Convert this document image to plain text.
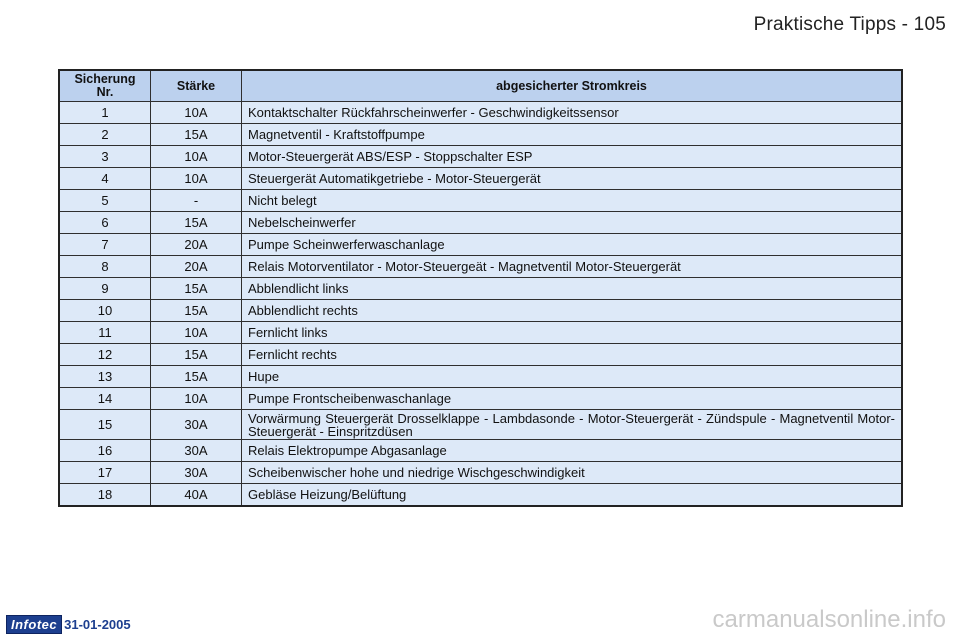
Praktische Tipps - 105
Sicherung Nr.	Stärke	abgesicherter Stromkreis
1	10A	Kontaktschalter Rückfahrscheinwerfer - Geschwindigkeitssensor
2	15A	Magnetventil - Kraftstoffpumpe
3	10A	Motor-Steuergerät ABS/ESP - Stoppschalter ESP
4	10A	Steuergerät Automatikgetriebe - Motor-Steuergerät
5	-	Nicht belegt
6	15A	Nebelscheinwerfer
7	20A	Pumpe Scheinwerferwaschanlage
8	20A	Relais Motorventilator - Motor-Steuergeät - Magnetventil Motor-Steuergerät
9	15A	Abblendlicht links
10	15A	Abblendlicht rechts
11	10A	Fernlicht links
12	15A	Fernlicht rechts
13	15A	Hupe
14	10A	Pumpe Frontscheibenwaschanlage
15	30A	Vorwärmung Steuergerät Drosselklappe - Lambdasonde - Motor-Steuergerät - Zündspule - Magnetventil Motor-Steuergerät - Einspritzdüsen
16	30A	Relais Elektropumpe Abgasanlage
17	30A	Scheibenwischer hohe und niedrige Wischgeschwindigkeit
18	40A	Gebläse Heizung/Belüftung
Infotec 31-01-2005	carmanualsonline.info
